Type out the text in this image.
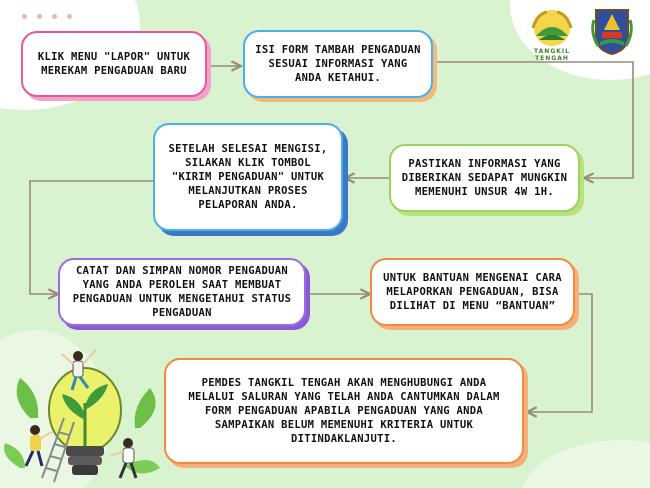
KLIK MENU "LAPOR" UNTUK MEREKAM PENGADUAN BARU
ISI FORM TAMBAH PENGADUAN SESUAI INFORMASI YANG ANDA KETAHUI.
PASTIKAN INFORMASI YANG DIBERIKAN SEDAPAT MUNGKIN MEMENUHI UNSUR 4W 1H.
SETELAH SELESAI MENGISI, SILAKAN KLIK TOMBOL "KIRIM PENGADUAN" UNTUK MELANJUTKAN PROSES PELAPORAN ANDA.
CATAT DAN SIMPAN NOMOR PENGADUAN YANG ANDA PEROLEH SAAT MEMBUAT PENGADUAN UNTUK MENGETAHUI STATUS PENGADUAN
UNTUK BANTUAN MENGENAI CARA MELAPORKAN PENGADUAN, BISA DILIHAT DI MENU “BANTUAN”
PEMDES TANGKIL TENGAH AKAN MENGHUBUNGI ANDA MELALUI SALURAN YANG TELAH ANDA CANTUMKAN DALAM FORM PENGADUAN APABILA PENGADUAN YANG ANDA SAMPAIKAN BELUM MEMENUHI KRITERIA UNTUK DITINDAKLANJUTI.
TANGKIL TENGAH
